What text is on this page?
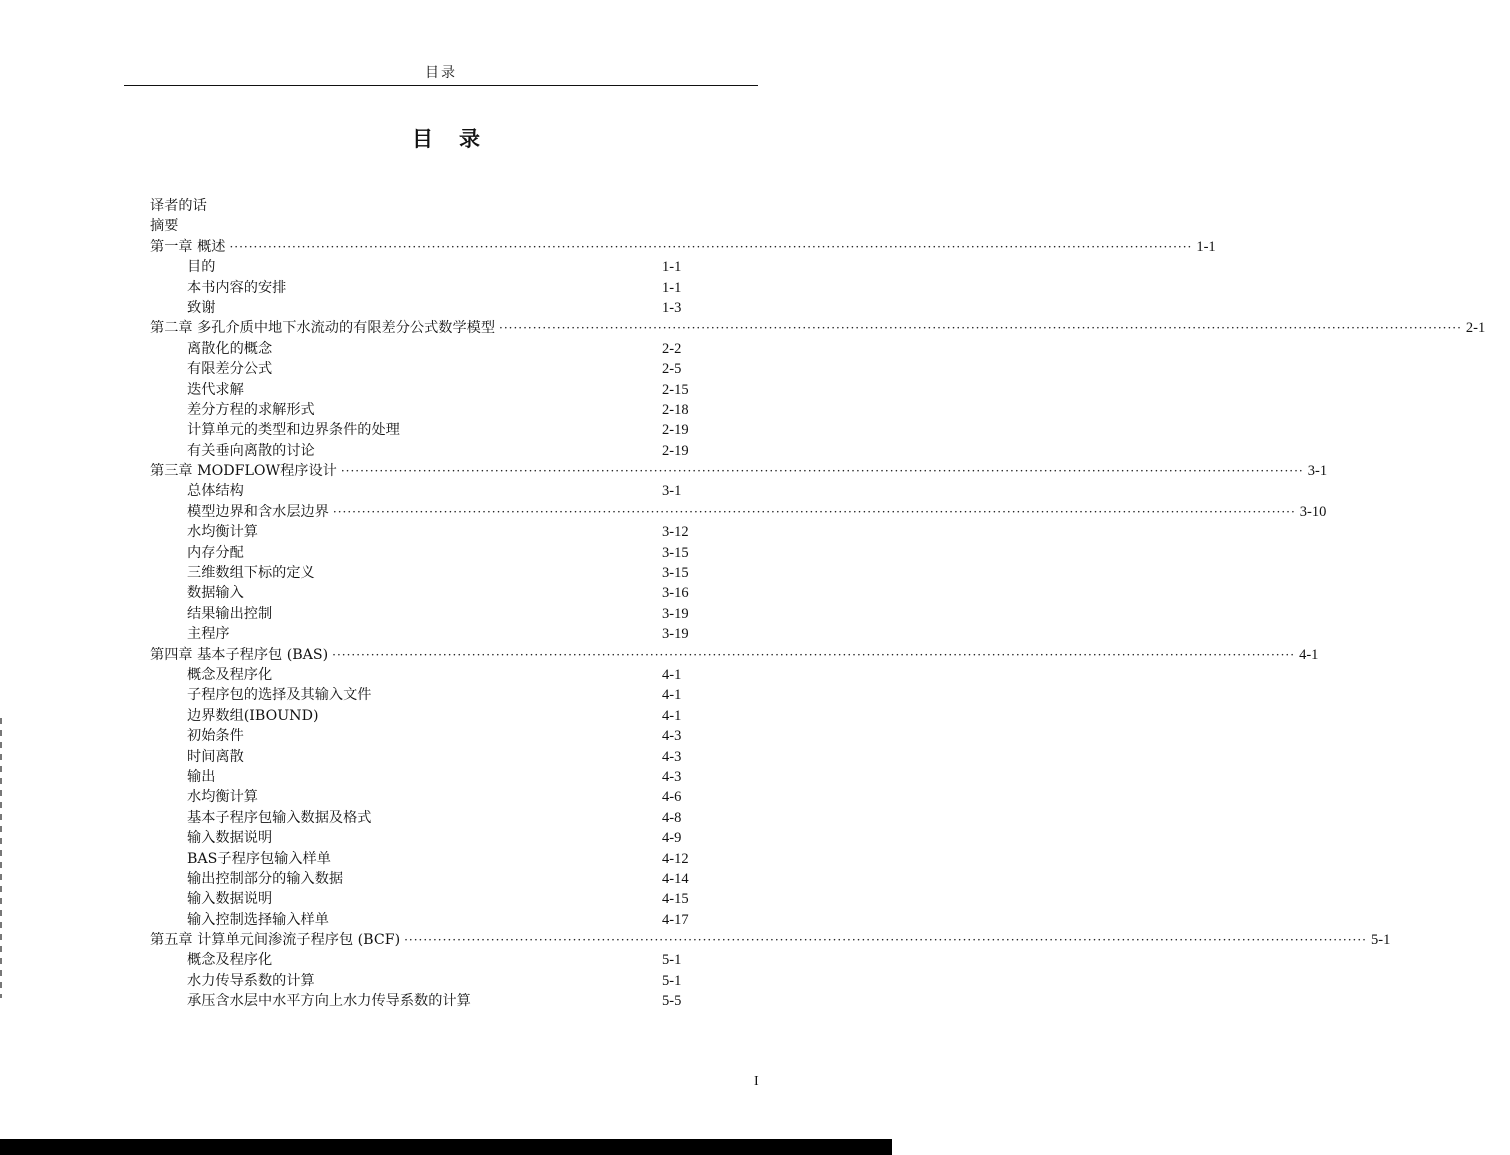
目录
目录
译者的话
摘要
第一章 概述 ········································································································································································································ 1-1
目的	1-1
本书内容的安排	1-1
致谢	1-3
第二章 多孔介质中地下水流动的有限差分公式数学模型 ········································································································································································································ 2-1
离散化的概念	2-2
有限差分公式	2-5
迭代求解	2-15
差分方程的求解形式	2-18
计算单元的类型和边界条件的处理	2-19
有关垂向离散的讨论	2-19
第三章 MODFLOW程序设计 ········································································································································································································ 3-1
总体结构	3-1
模型边界和含水层边界 ········································································································································································································ 3-10
水均衡计算	3-12
内存分配	3-15
三维数组下标的定义	3-15
数据输入	3-16
结果输出控制	3-19
主程序	3-19
第四章 基本子程序包 (BAS) ········································································································································································································ 4-1
概念及程序化	4-1
子程序包的选择及其输入文件	4-1
边界数组(IBOUND)	4-1
初始条件	4-3
时间离散	4-3
输出	4-3
水均衡计算	4-6
基本子程序包输入数据及格式	4-8
输入数据说明	4-9
BAS子程序包输入样单	4-12
输出控制部分的输入数据	4-14
输入数据说明	4-15
输入控制选择输入样单	4-17
第五章 计算单元间渗流子程序包 (BCF) ········································································································································································································ 5-1
概念及程序化	5-1
水力传导系数的计算	5-1
承压含水层中水平方向上水力传导系数的计算	5-5
I
